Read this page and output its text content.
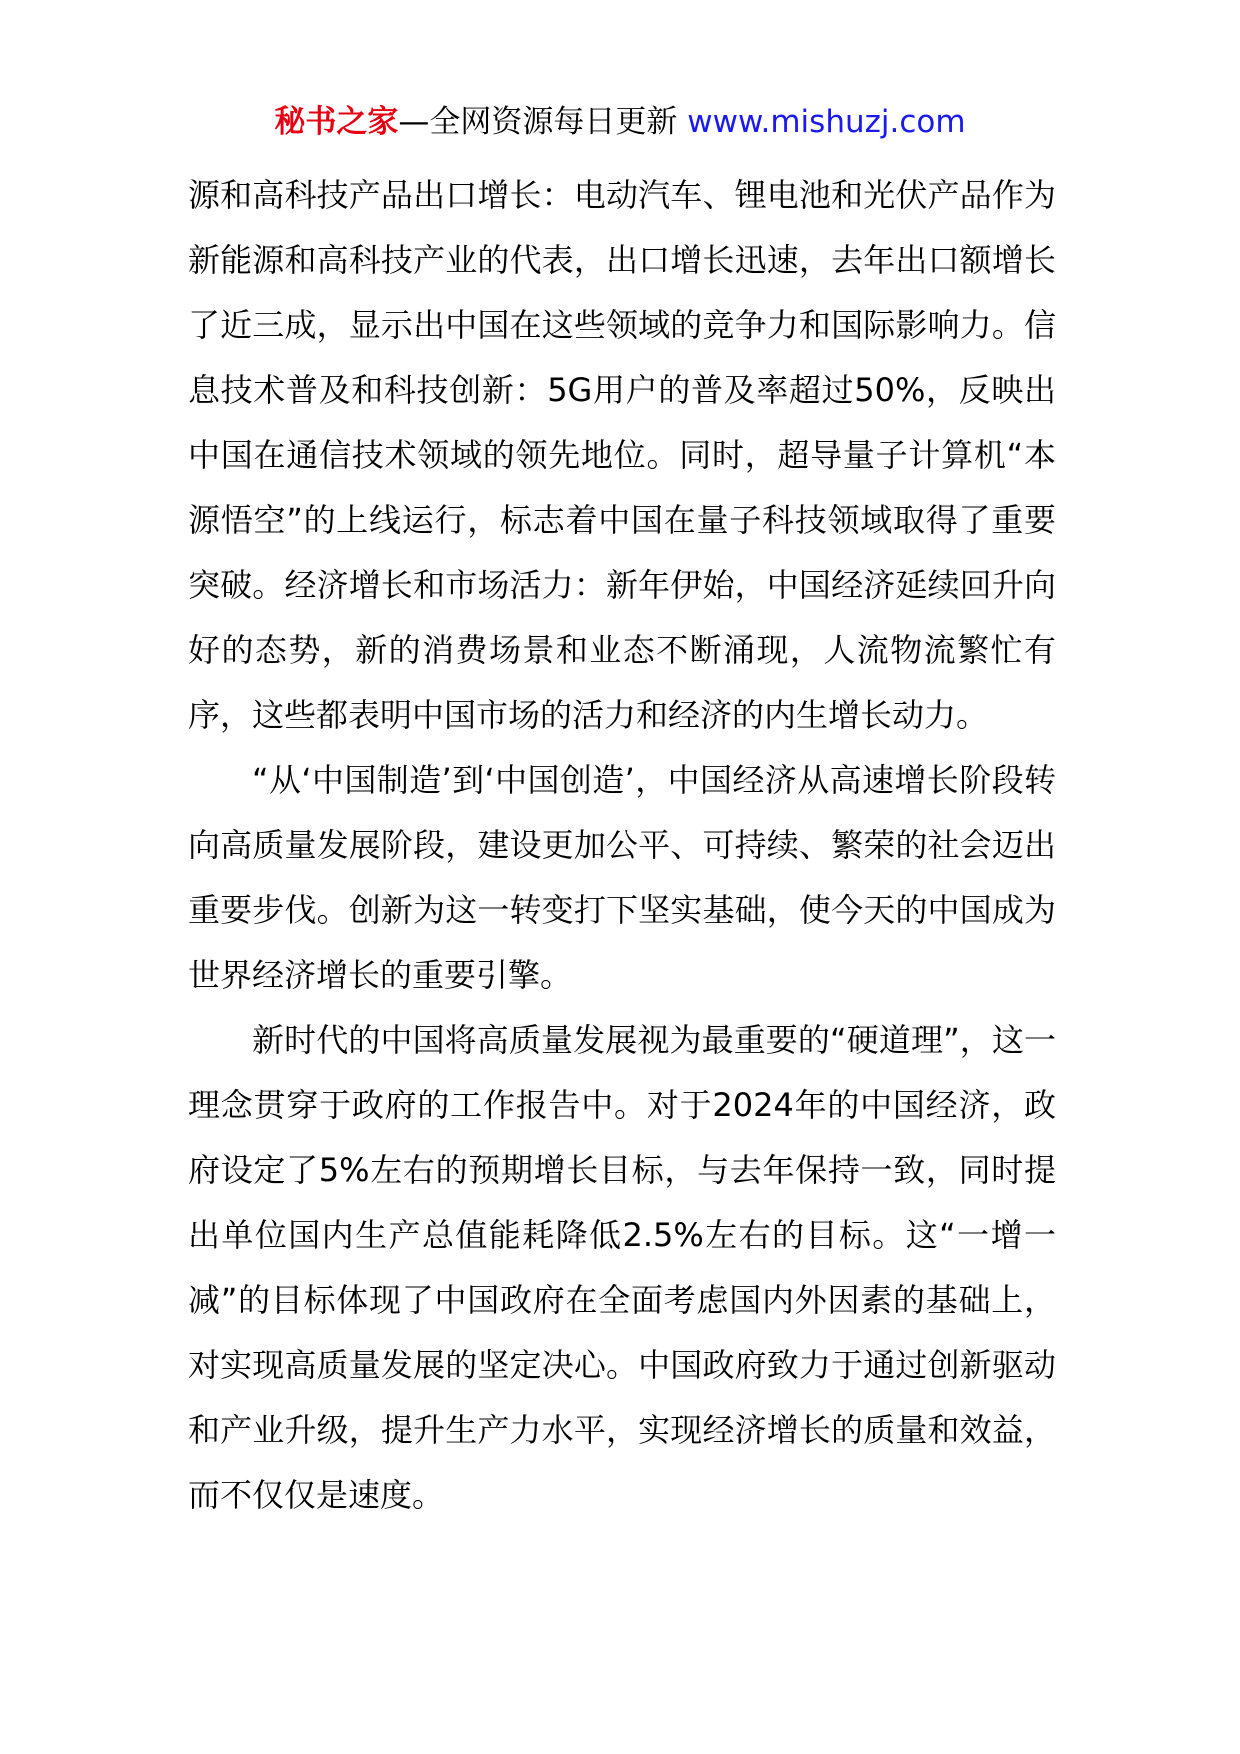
秘书之家—全网资源每日更新 www.mishuzj.com

源和高科技产品出口增长：电动汽车、锂电池和光伏产品作为新能源和高科技产业的代表，出口增长迅速，去年出口额增长了近三成，显示出中国在这些领域的竞争力和国际影响力。信息技术普及和科技创新：5G用户的普及率超过50%，反映出中国在通信技术领域的领先地位。同时，超导量子计算机“本源悟空”的上线运行，标志着中国在量子科技领域取得了重要突破。经济增长和市场活力：新年伊始，中国经济延续回升向好的态势，新的消费场景和业态不断涌现，人流物流繁忙有序，这些都表明中国市场的活力和经济的内生增长动力。

“从‘中国制造’到‘中国创造’，中国经济从高速增长阶段转向高质量发展阶段，建设更加公平、可持续、繁荣的社会迈出重要步伐。创新为这一转变打下坚实基础，使今天的中国成为世界经济增长的重要引擎。

新时代的中国将高质量发展视为最重要的“硬道理”，这一理念贯穿于政府的工作报告中。对于2024年的中国经济，政府设定了5%左右的预期增长目标，与去年保持一致，同时提出单位国内生产总值能耗降低2.5%左右的目标。这“一增一减”的目标体现了中国政府在全面考虑国内外因素的基础上，对实现高质量发展的坚定决心。中国政府致力于通过创新驱动和产业升级，提升生产力水平，实现经济增长的质量和效益，而不仅仅是速度。
